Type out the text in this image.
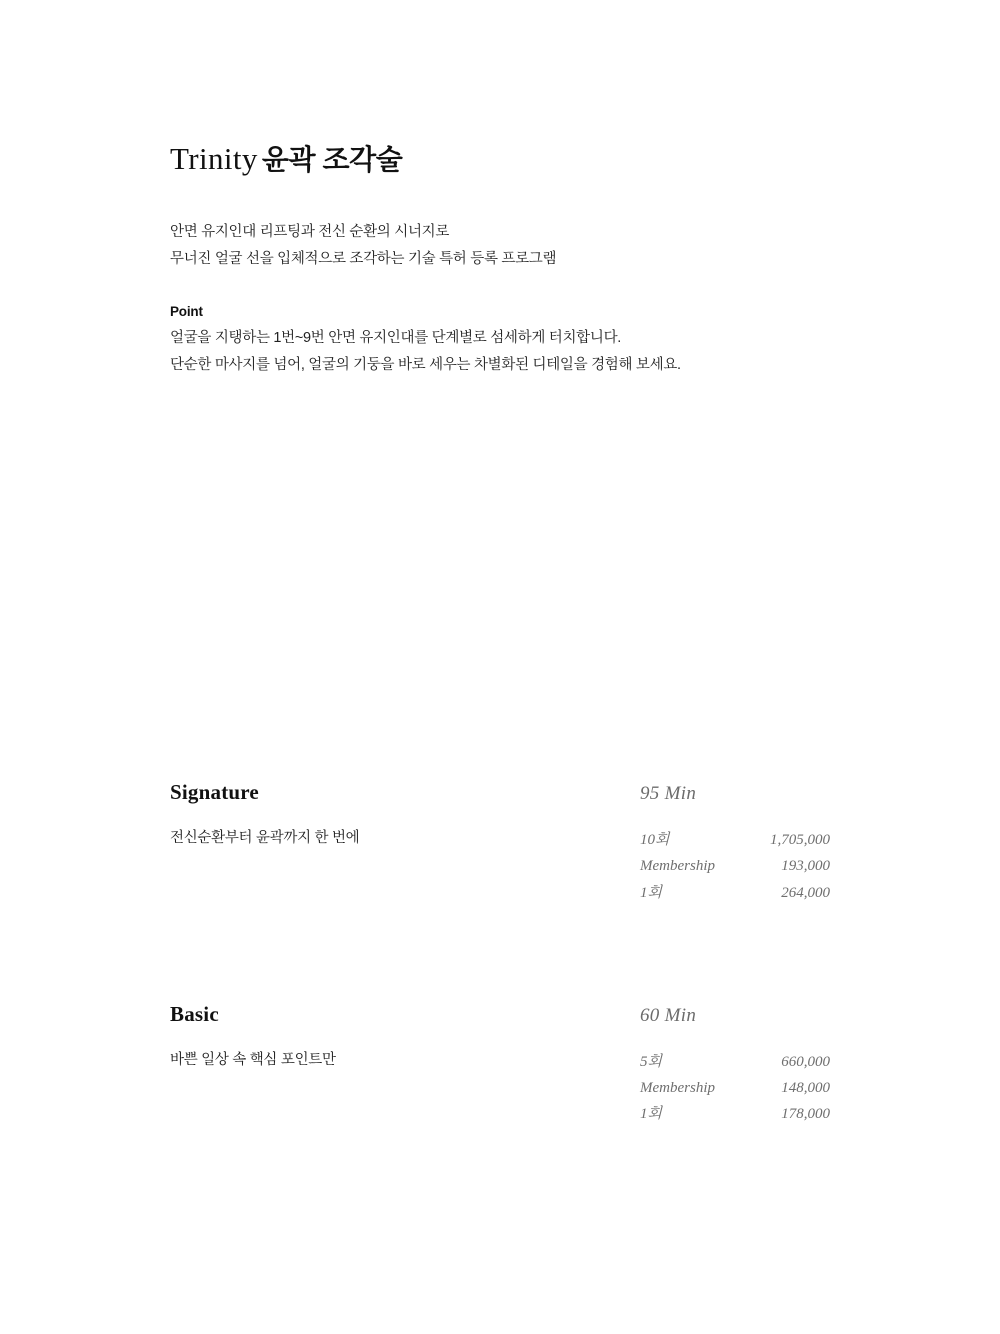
Trinity 윤곽 조각술
안면 유지인대 리프팅과 전신 순환의 시너지로
무너진 얼굴 선을 입체적으로 조각하는 기술 특허 등록 프로그램
Point
얼굴을 지탱하는 1번~9번 안면 유지인대를 단계별로 섬세하게 터치합니다.
단순한 마사지를 넘어, 얼굴의 기둥을 바로 세우는 차별화된 디테일을 경험해 보세요.
Signature	95 Min
전신순환부터 윤곽까지 한 번에	10회	1,705,000
Membership	193,000
1회	264,000
Basic	60 Min
바쁜 일상 속 핵심 포인트만	5회	660,000
Membership	148,000
1회	178,000
